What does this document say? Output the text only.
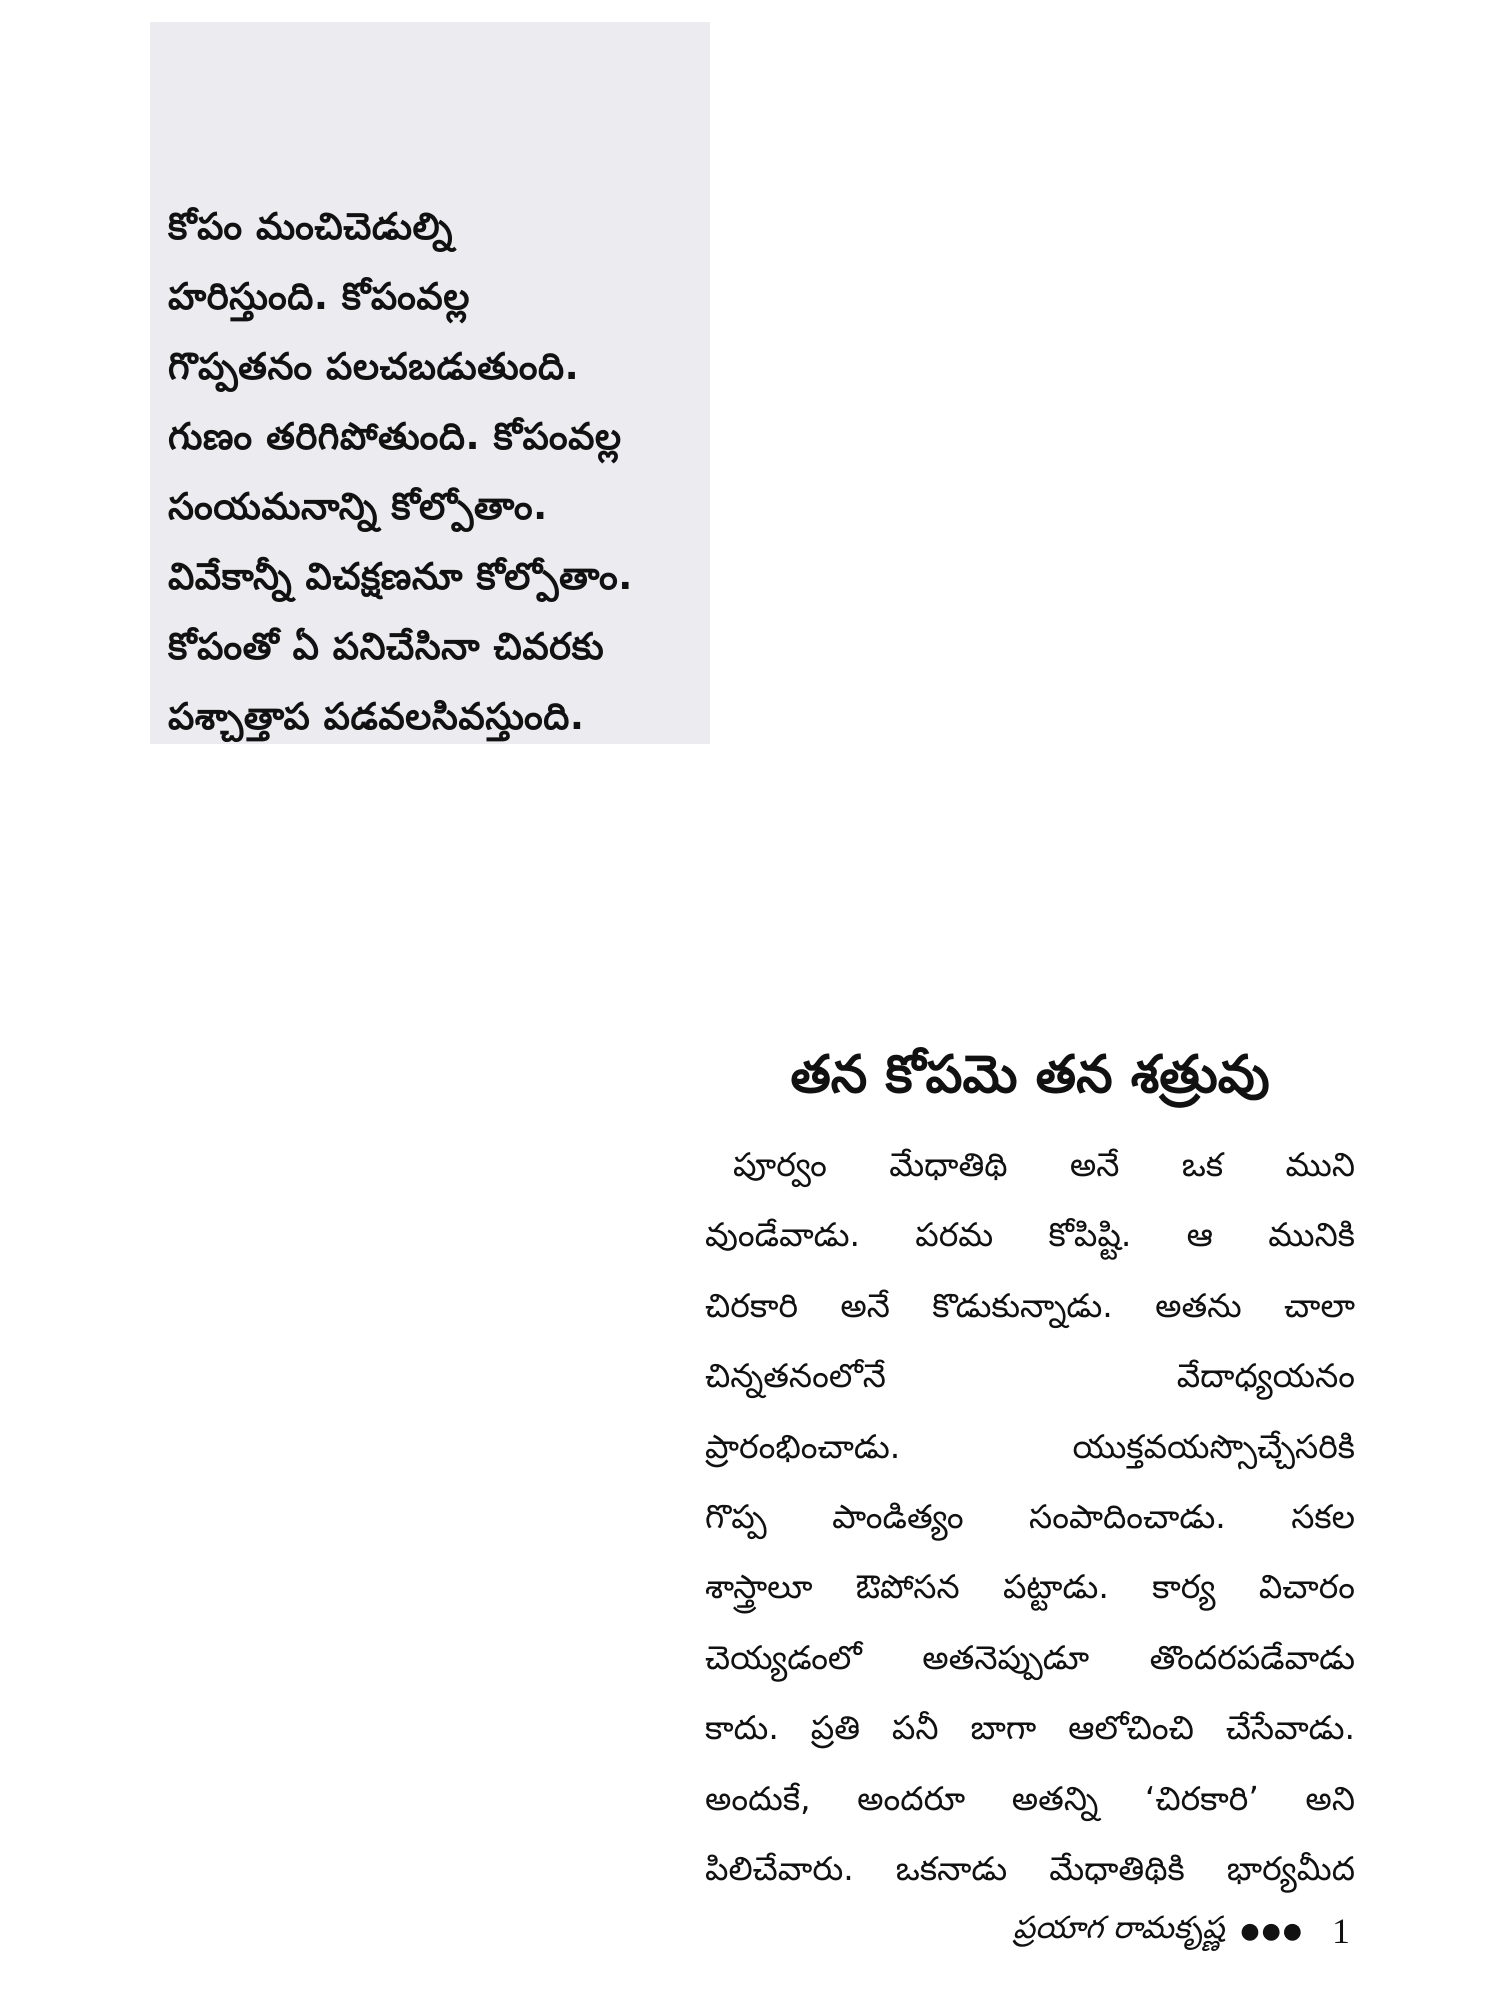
కోపం మంచిచెడుల్ని
హరిస్తుంది. కోపంవల్ల
గొప్పతనం పలచబడుతుంది.
గుణం తరిగిపోతుంది. కోపంవల్ల
సంయమనాన్ని కోల్పోతాం.
వివేకాన్నీ విచక్షణనూ కోల్పోతాం.
కోపంతో ఏ పనిచేసినా చివరకు
పశ్చాత్తాప పడవలసివస్తుంది.
తన కోపమె తన శత్రువు
పూర్వం మేధాతిథి అనే ఒక ముని
వుండేవాడు. పరమ కోపిష్టి. ఆ మునికి
చిరకారి అనే కొడుకున్నాడు. అతను చాలా
చిన్నతనంలోనే వేదాధ్యయనం
ప్రారంభించాడు. యుక్తవయస్సొచ్చేసరికి
గొప్ప పాండిత్యం సంపాదించాడు. సకల
శాస్త్రాలూ ఔపోసన పట్టాడు. కార్య విచారం
చెయ్యడంలో అతనెప్పుడూ తొందరపడేవాడు
కాదు. ప్రతి పనీ బాగా ఆలోచించి చేసేవాడు.
అందుకే, అందరూ అతన్ని ‘చిరకారి’ అని
పిలిచేవారు. ఒకనాడు మేధాతిథికి భార్యమీద
ప్రయాగ రామకృష్ణ ●●● 1
